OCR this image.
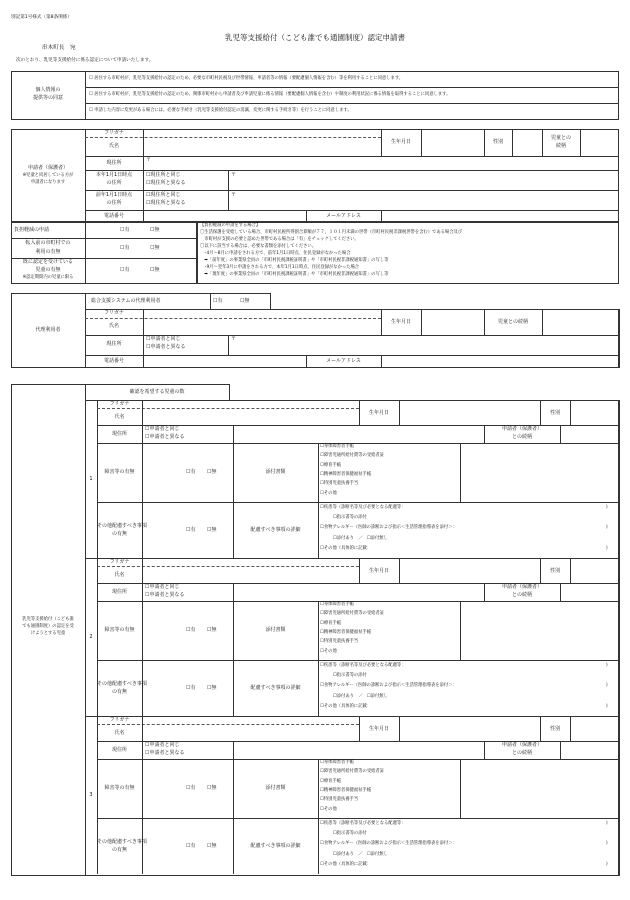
別記第1号様式（第8条関係）
乳児等支援給付（こども誰でも通園制度）認定申請書
串木町長　宛
次のとおり、乳児等支援給付に係る認定について申請いたします。
個人情報の
提供等の同意
☐ 居住する市町村が、乳児等支援給付の認定のため、必要な市町村民税及び世帯情報、申請者等の情報（要配慮個人情報を含む）等を利用することに同意します。
☐ 居住する市町村が、乳児等支援給付の認定のため、関係市町村から申請者及び申請児童に係る情報（要配慮個人情報を含む）や制度の利用状況に係る情報を取得することに同意します。
☐ 申請した内容に変更がある場合には、必要な手続き（乳児等支援給付認定の消滅、変更に関する手続き等）を行うことに同意します。
申請者（保護者）
※児童と同居している方が
申請者になります
フリガナ
氏名
生年月日	性別
児童との
続柄
現住所	〒
本年1月1日時点
の住所
☐現住所と同じ
☐現住所と異なる
〒
前年1月1日時点
の住所
☐現住所と同じ
☐現住所と異なる
〒
電話番号	メールアドレス
負担軽減の申請	☐有	☐無
転入前の市町村での
利用の有無
☐有	☐無
既に認定を受けている
児童の有無
※認定期間内の児童に限る
☐有	☐無
【負担軽減の申請をする場合】
〇生活保護を受給している場合、市町村民税所得割合算額が７７，１０１円未満の世帯（市町村民税非課税世帯を含む）である場合及び
　市町村が支援の必要と認めた世帯である場合は「有」をチェックしてください。
〇以下に該当する場合は、必要な書類を添付してください。
　･4月～8月に申請をされる方で、前年1月1日時点、住民登録がなかった場合
　➡「前年度」の事業県全員の「市町村民税課税証明書」や「市町村民税非課税通知書」の写し等
　･9月～翌年3月に申請をされる方で、本年1月1日時点、住民登録がなかった場合
　➡「現年度」の事業県全員の「市町村民税課税証明書」や「市町村民税非課税通知書」の写し等
代理利用者
総合支援システムの代理利用者	☐有	☐無
フリガナ
氏名
生年月日	児童との続柄
現住所
☐申請者と同じ
☐申請者と異なる
〒
電話番号	メールアドレス
確認を希望する児童の数
乳児等支援給付（こども誰
でも通園制度）の認定を受
けようとする児童
1
フリガナ
氏名
生年月日	性別
現住所
☐申請者と同じ
☐申請者と異なる
申請者（保護者）
との続柄
障害等の有無	☐有 ☐無	添付書類
☐身体障害者手帳
☐障害児通所給付費等の受給者証
☐療育手帳
☐精神障害者保健福祉手帳
☐特別児童扶養手当
☐その他
その他配慮すべき事項
の有無
☐有 ☐無	配慮すべき事項の詳細
☐疾患等（診断名等及び必要となる配慮等：
　　　☐指示書等の添付
☐食物アレルギー（医師の診断および指示＜生活管理指導表を添付＞：
　　　☐添付あり　／　☐添付無し
☐その他（具体的に記載：
)
)
)
2
フリガナ
氏名
生年月日	性別
現住所
☐申請者と同じ
☐申請者と異なる
申請者（保護者）
との続柄
障害等の有無	☐有 ☐無	添付書類
☐身体障害者手帳
☐障害児通所給付費等の受給者証
☐療育手帳
☐精神障害者保健福祉手帳
☐特別児童扶養手当
☐その他
その他配慮すべき事項
の有無
☐有 ☐無	配慮すべき事項の詳細
☐疾患等（診断名等及び必要となる配慮等：
　　　☐指示書等の添付
☐食物アレルギー（医師の診断および指示＜生活管理指導表を添付＞：
　　　☐添付あり　／　☐添付無し
☐その他（具体的に記載：
)
)
)
3
フリガナ
氏名
生年月日	性別
現住所
☐申請者と同じ
☐申請者と異なる
申請者（保護者）
との続柄
障害等の有無	☐有 ☐無	添付書類
☐身体障害者手帳
☐障害児通所給付費等の受給者証
☐療育手帳
☐精神障害者保健福祉手帳
☐特別児童扶養手当
☐その他
その他配慮すべき事項
の有無
☐有 ☐無	配慮すべき事項の詳細
☐疾患等（診断名等及び必要となる配慮等：
　　　☐指示書等の添付
☐食物アレルギー（医師の診断および指示＜生活管理指導表を添付＞：
　　　☐添付あり　／　☐添付無し
☐その他（具体的に記載：
)
)
)
